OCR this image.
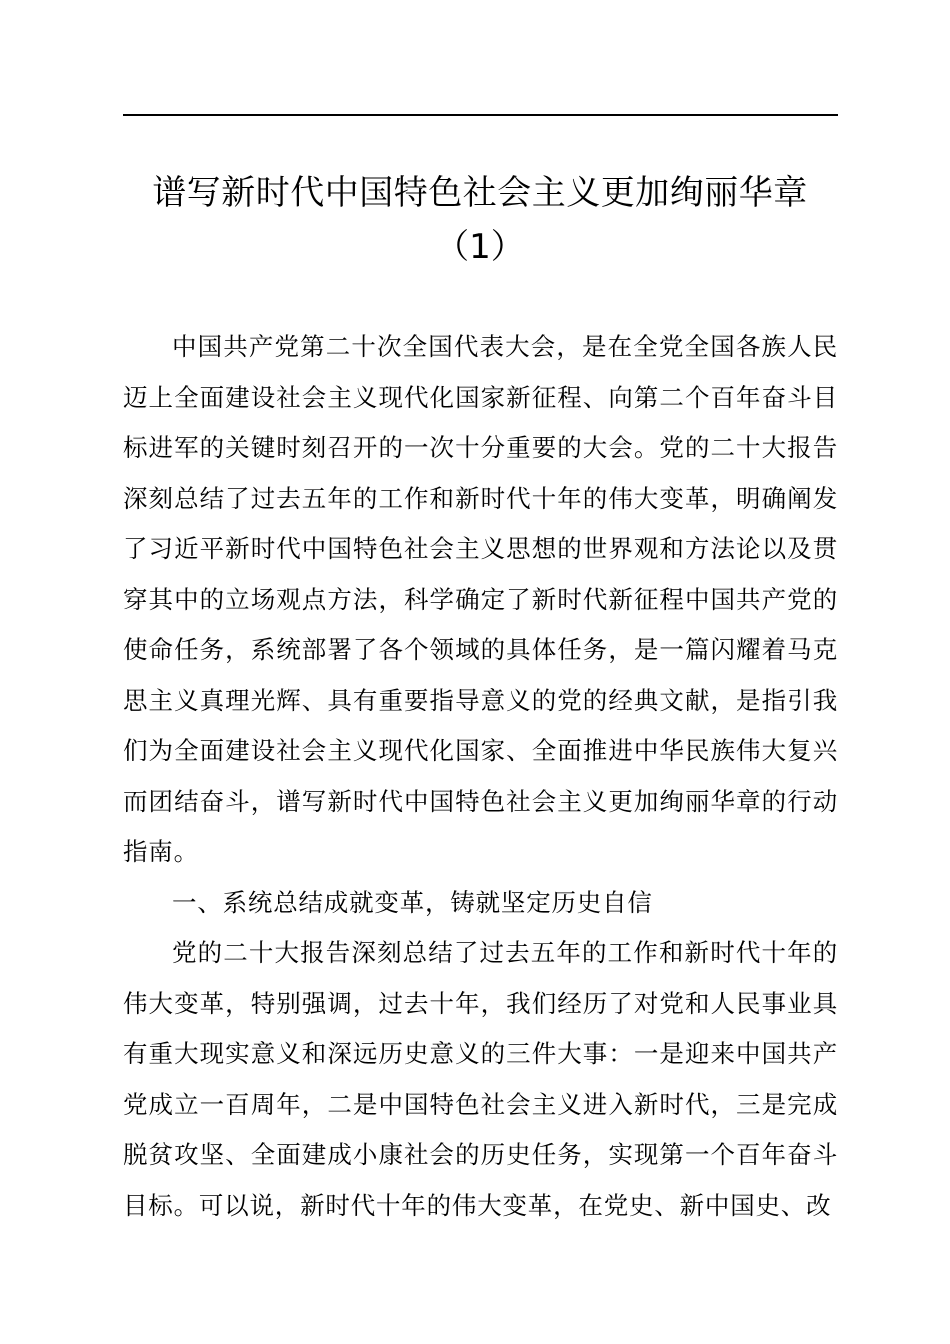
谱写新时代中国特色社会主义更加绚丽华章
（1）

中国共产党第二十次全国代表大会，是在全党全国各族人民迈上全面建设社会主义现代化国家新征程、向第二个百年奋斗目标进军的关键时刻召开的一次十分重要的大会。党的二十大报告深刻总结了过去五年的工作和新时代十年的伟大变革，明确阐发了习近平新时代中国特色社会主义思想的世界观和方法论以及贯穿其中的立场观点方法，科学确定了新时代新征程中国共产党的使命任务，系统部署了各个领域的具体任务，是一篇闪耀着马克思主义真理光辉、具有重要指导意义的党的经典文献，是指引我们为全面建设社会主义现代化国家、全面推进中华民族伟大复兴而团结奋斗，谱写新时代中国特色社会主义更加绚丽华章的行动指南。

一、系统总结成就变革，铸就坚定历史自信

党的二十大报告深刻总结了过去五年的工作和新时代十年的伟大变革，特别强调，过去十年，我们经历了对党和人民事业具有重大现实意义和深远历史意义的三件大事：一是迎来中国共产党成立一百周年，二是中国特色社会主义进入新时代，三是完成脱贫攻坚、全面建成小康社会的历史任务，实现第一个百年奋斗目标。可以说，新时代十年的伟大变革，在党史、新中国史、改
